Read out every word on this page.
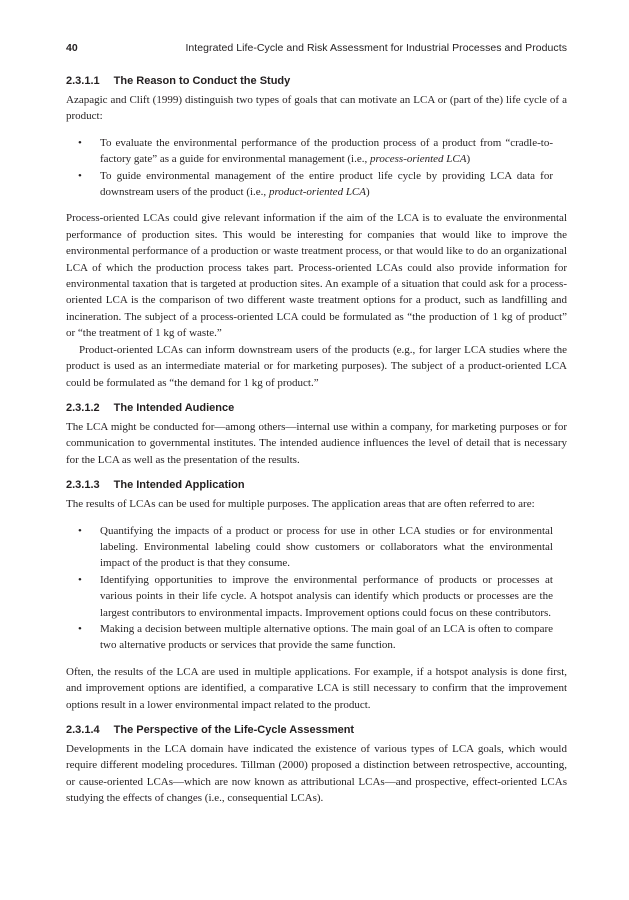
40	Integrated Life-Cycle and Risk Assessment for Industrial Processes and Products
2.3.1.1 The Reason to Conduct the Study

Azapagic and Clift (1999) distinguish two types of goals that can motivate an LCA or (part of the) life cycle of a product:

• To evaluate the environmental performance of the production process of a product from “cradle-to-factory gate” as a guide for environmental management (i.e., process-oriented LCA)
• To guide environmental management of the entire product life cycle by providing LCA data for downstream users of the product (i.e., product-oriented LCA)

Process-oriented LCAs could give relevant information if the aim of the LCA is to evaluate the environmental performance of production sites. This would be interesting for companies that would like to improve the environmental performance of a production or waste treatment process, or that would like to do an organizational LCA of which the production process takes part. Process-oriented LCAs could also provide information for environmental taxation that is targeted at production sites. An example of a situation that could ask for a process-oriented LCA is the comparison of two different waste treatment options for a product, such as landfilling and incineration. The subject of a process-oriented LCA could be formulated as “the production of 1 kg of product” or “the treatment of 1 kg of waste.”

Product-oriented LCAs can inform downstream users of the products (e.g., for larger LCA studies where the product is used as an intermediate material or for marketing purposes). The subject of a product-oriented LCA could be formulated as “the demand for 1 kg of product.”

2.3.1.2 The Intended Audience

The LCA might be conducted for—among others—internal use within a company, for marketing purposes or for communication to governmental institutes. The intended audience influences the level of detail that is necessary for the LCA as well as the presentation of the results.

2.3.1.3 The Intended Application

The results of LCAs can be used for multiple purposes. The application areas that are often referred to are:

• Quantifying the impacts of a product or process for use in other LCA studies or for environmental labeling. Environmental labeling could show customers or collaborators what the environmental impact of the product is that they consume.
• Identifying opportunities to improve the environmental performance of products or processes at various points in their life cycle. A hotspot analysis can identify which products or processes are the largest contributors to environmental impacts. Improvement options could focus on these contributors.
• Making a decision between multiple alternative options. The main goal of an LCA is often to compare two alternative products or services that provide the same function.

Often, the results of the LCA are used in multiple applications. For example, if a hotspot analysis is done first, and improvement options are identified, a comparative LCA is still necessary to confirm that the improvement options result in a lower environmental impact related to the product.

2.3.1.4 The Perspective of the Life-Cycle Assessment

Developments in the LCA domain have indicated the existence of various types of LCA goals, which would require different modeling procedures. Tillman (2000) proposed a distinction between retrospective, accounting, or cause-oriented LCAs—which are now known as attributional LCAs—and prospective, effect-oriented LCAs studying the effects of changes (i.e., consequential LCAs).
